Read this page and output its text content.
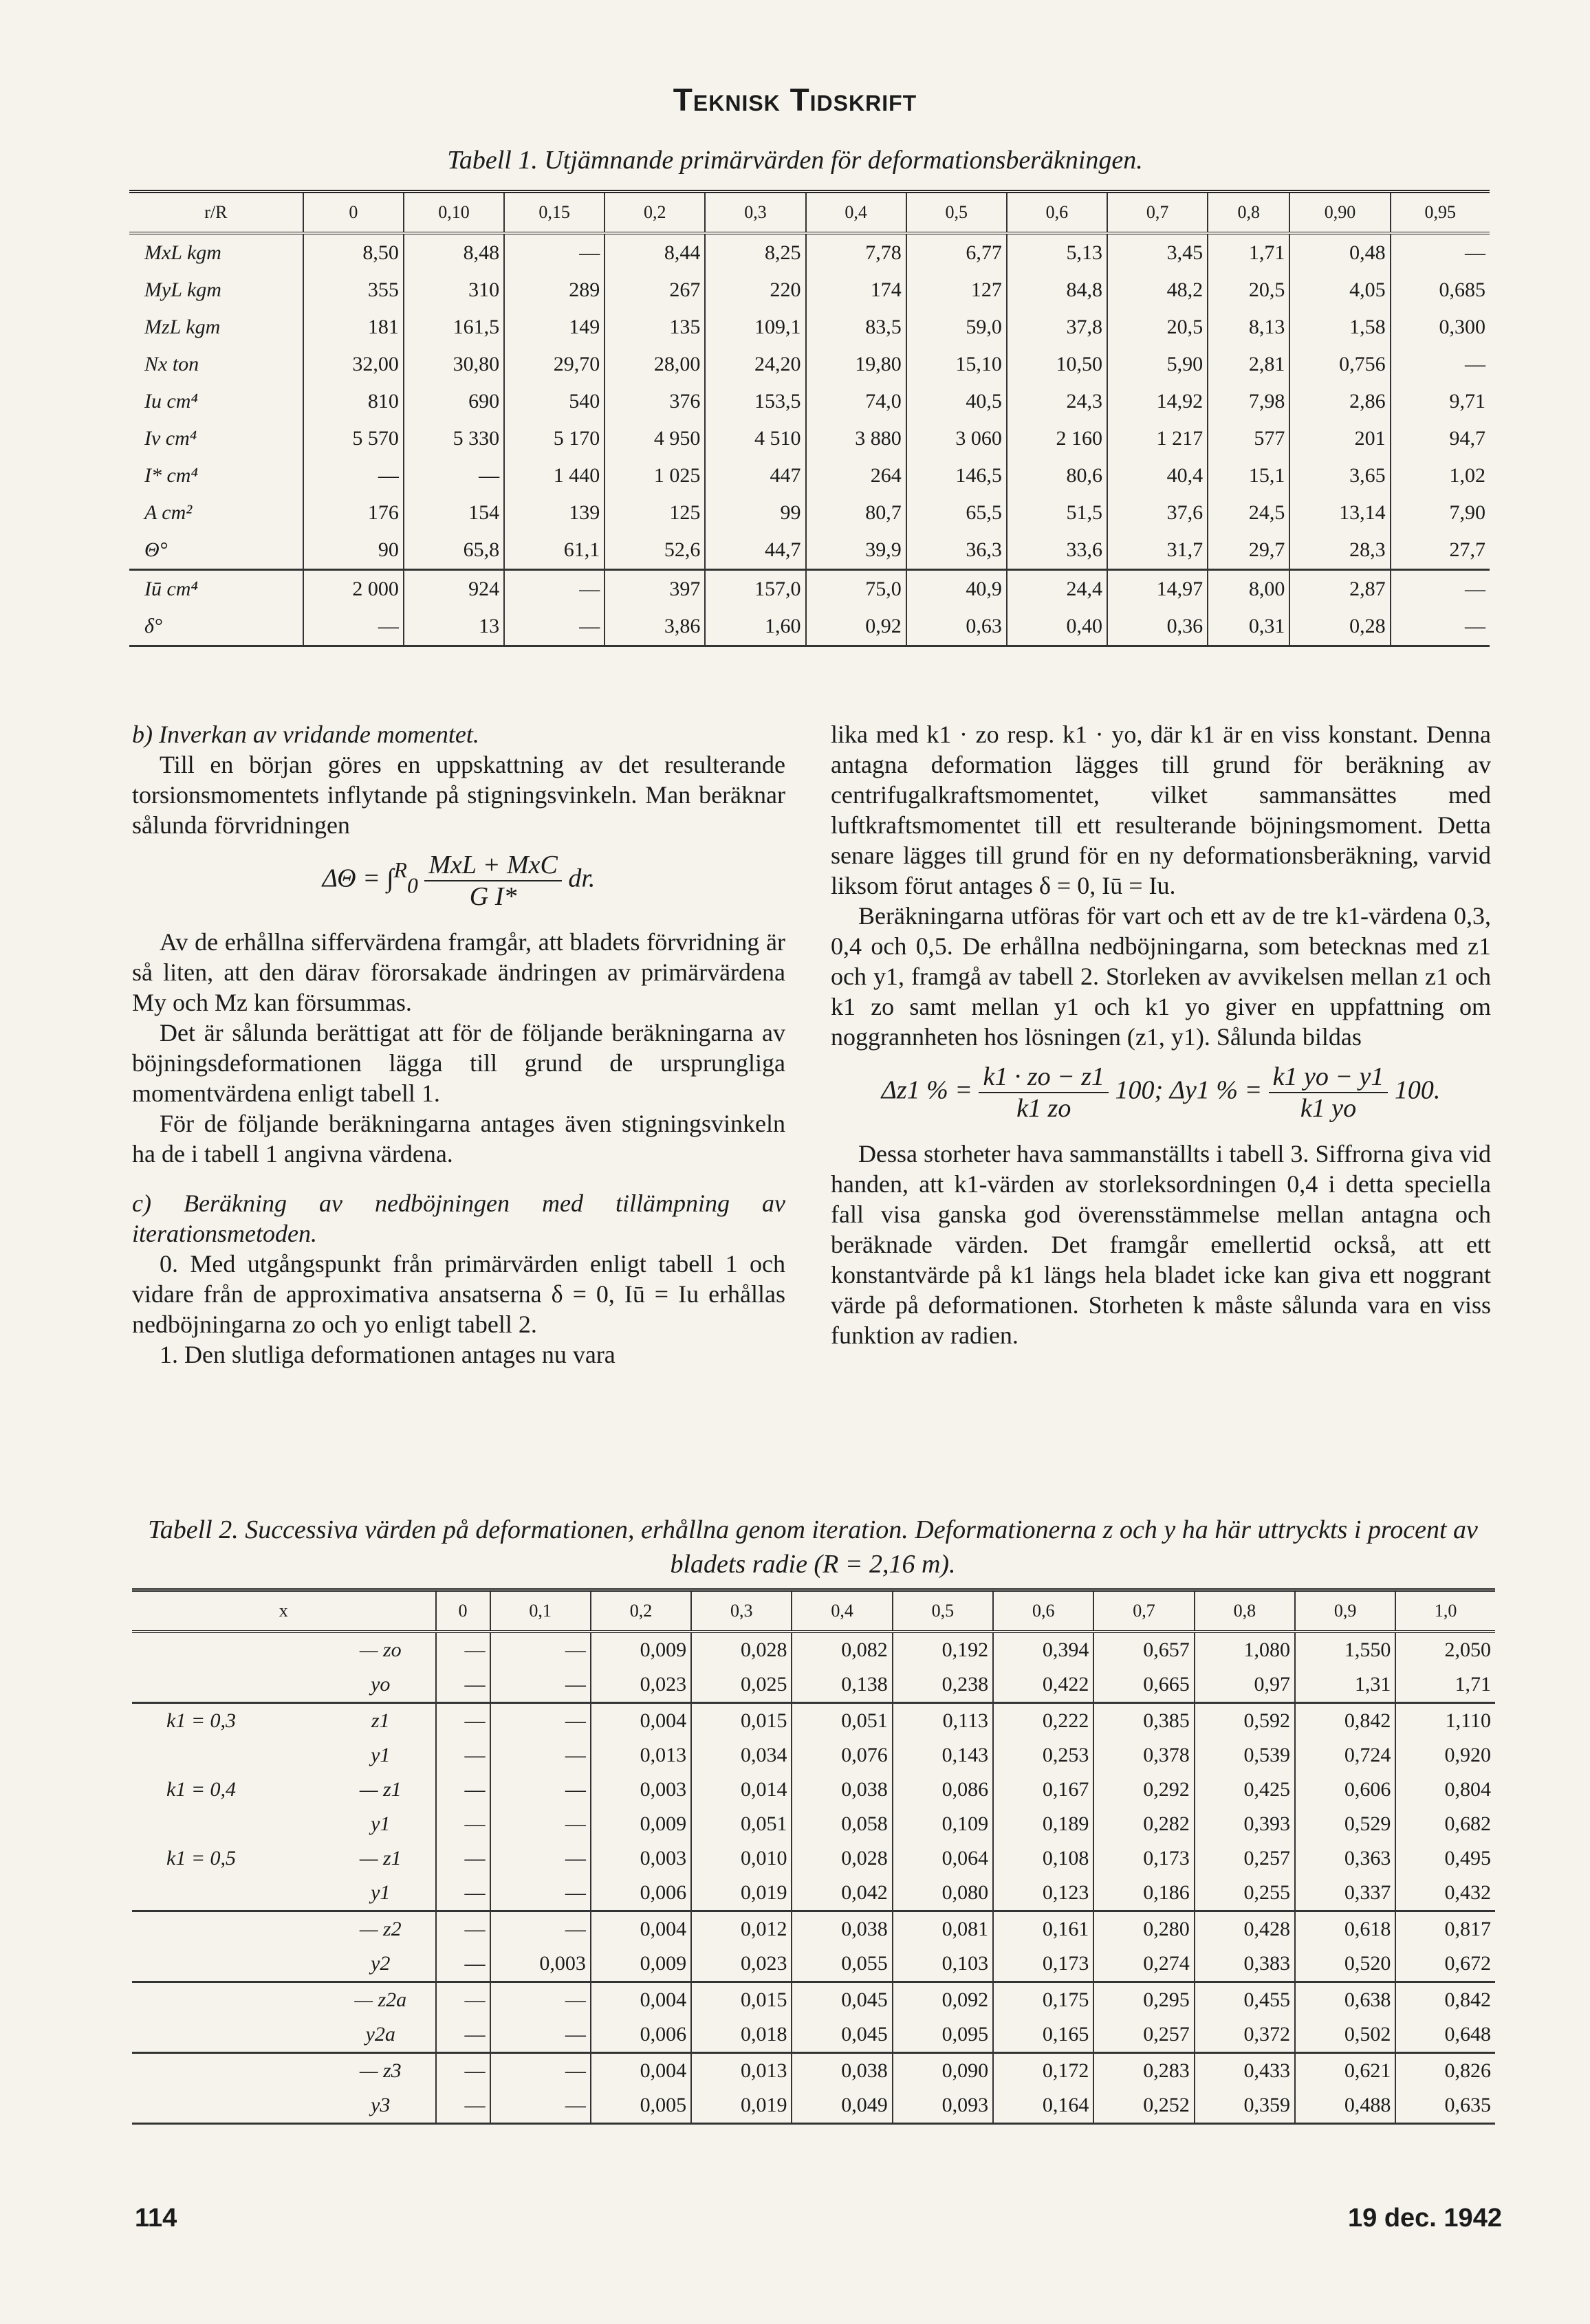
Teknisk Tidskrift
Tabell 1. Utjämnande primärvärden för deformationsberäkningen.
r/R	0	0,10	0,15	0,2	0,3	0,4	0,5	0,6	0,7	0,8	0,90	0,95
MxL kgm	8,50	8,48	—	8,44	8,25	7,78	6,77	5,13	3,45	1,71	0,48	—
MyL kgm	355	310	289	267	220	174	127	84,8	48,2	20,5	4,05	0,685
MzL kgm	181	161,5	149	135	109,1	83,5	59,0	37,8	20,5	8,13	1,58	0,300
Nx ton	32,00	30,80	29,70	28,00	24,20	19,80	15,10	10,50	5,90	2,81	0,756	—
Iu cm⁴	810	690	540	376	153,5	74,0	40,5	24,3	14,92	7,98	2,86	9,71
Iv cm⁴	5 570	5 330	5 170	4 950	4 510	3 880	3 060	2 160	1 217	577	201	94,7
I* cm⁴	—	—	1 440	1 025	447	264	146,5	80,6	40,4	15,1	3,65	1,02
A cm²	176	154	139	125	99	80,7	65,5	51,5	37,6	24,5	13,14	7,90
Θ°	90	65,8	61,1	52,6	44,7	39,9	36,3	33,6	31,7	29,7	28,3	27,7
Iū cm⁴	2 000	924	—	397	157,0	75,0	40,9	24,4	14,97	8,00	2,87	—
δ°	—	13	—	3,86	1,60	0,92	0,63	0,40	0,36	0,31	0,28	—

b) Inverkan av vridande momentet.

Till en början göres en uppskattning av det resulterande torsionsmomentets inflytande på stigningsvinkeln. Man beräknar sålunda förvridningen

$\Delta\Theta = \int^R_0 \frac{\text{MxL + MxC}}{\text{G I*}}$ dr.

Av de erhållna siffervärdena framgår, att bladets förvridning är så liten, att den därav förorsakade ändringen av primärvärdena My och Mz kan försummas.

Det är sålunda berättigat att för de följande beräkningarna av böjningsdeformationen lägga till grund de ursprungliga momentvärdena enligt tabell 1.

För de följande beräkningarna antages även stigningsvinkeln ha de i tabell 1 angivna värdena.

c) Beräkning av nedböjningen med tillämpning av iterationsmetoden.

0. Med utgångspunkt från primärvärden enligt tabell 1 och vidare från de approximativa ansatserna δ = 0, Iū = Iu erhållas nedböjningarna zo och yo enligt tabell 2.

1. Den slutliga deformationen antages nu vara

lika med k1 · zo resp. k1 · yo, där k1 är en viss konstant. Denna antagna deformation lägges till grund för beräkning av centrifugalkraftsmomentet, vilket sammansättes med luftkraftsmomentet till ett resulterande böjningsmoment. Detta senare lägges till grund för en ny deformationsberäkning, varvid liksom förut antages δ = 0, Iū = Iu.

Beräkningarna utföras för vart och ett av de tre k1-värdena 0,3, 0,4 och 0,5. De erhållna nedböjningarna, som betecknas med z1 och y1, framgå av tabell 2. Storleken av avvikelsen mellan z1 och k1 zo samt mellan y1 och k1 yo giver en uppfattning om noggrannheten hos lösningen (z1, y1). Sålunda bildas

Δz1 % = $\frac{k1 \cdot zo - z1}{k1 zo} 100$; Δy1 % = $\frac{k1 yo - y1}{k1 yo} 100$.

Dessa storheter hava sammanställts i tabell 3. Siffrorna giva vid handen, att k1-värden av storleksordningen 0,4 i detta speciella fall visa ganska god överensstämmelse mellan antagna och beräknade värden. Det framgår emellertid också, att ett konstantvärde på k1 längs hela bladet icke kan giva ett noggrant värde på deformationen. Storheten k måste sålunda vara en viss funktion av radien.

Tabell 2. Successiva värden på deformationen, erhållna genom iteration. Deformationerna z och y ha här uttryckts i procent av bladets radie (R = 2,16 m).
x		0	0,1	0,2	0,3	0,4	0,5	0,6	0,7	0,8	0,9	1,0
	— zo	—	—	0,009	0,028	0,082	0,192	0,394	0,657	1,080	1,550	2,050
	yo	—	—	0,023	0,025	0,138	0,238	0,422	0,665	0,97	1,31	1,71
k1 = 0,3	z1	—	—	0,004	0,015	0,051	0,113	0,222	0,385	0,592	0,842	1,110
	y1	—	—	0,013	0,034	0,076	0,143	0,253	0,378	0,539	0,724	0,920
k1 = 0,4	— z1	—	—	0,003	0,014	0,038	0,086	0,167	0,292	0,425	0,606	0,804
	y1	—	—	0,009	0,051	0,058	0,109	0,189	0,282	0,393	0,529	0,682
k1 = 0,5	— z1	—	—	0,003	0,010	0,028	0,064	0,108	0,173	0,257	0,363	0,495
	y1	—	—	0,006	0,019	0,042	0,080	0,123	0,186	0,255	0,337	0,432
	— z2	—	—	0,004	0,012	0,038	0,081	0,161	0,280	0,428	0,618	0,817
	y2	—	0,003	0,009	0,023	0,055	0,103	0,173	0,274	0,383	0,520	0,672
	— z2a	—	—	0,004	0,015	0,045	0,092	0,175	0,295	0,455	0,638	0,842
	y2a	—	—	0,006	0,018	0,045	0,095	0,165	0,257	0,372	0,502	0,648
	— z3	—	—	0,004	0,013	0,038	0,090	0,172	0,283	0,433	0,621	0,826
	y3	—	—	0,005	0,019	0,049	0,093	0,164	0,252	0,359	0,488	0,635
114	19 dec. 1942
